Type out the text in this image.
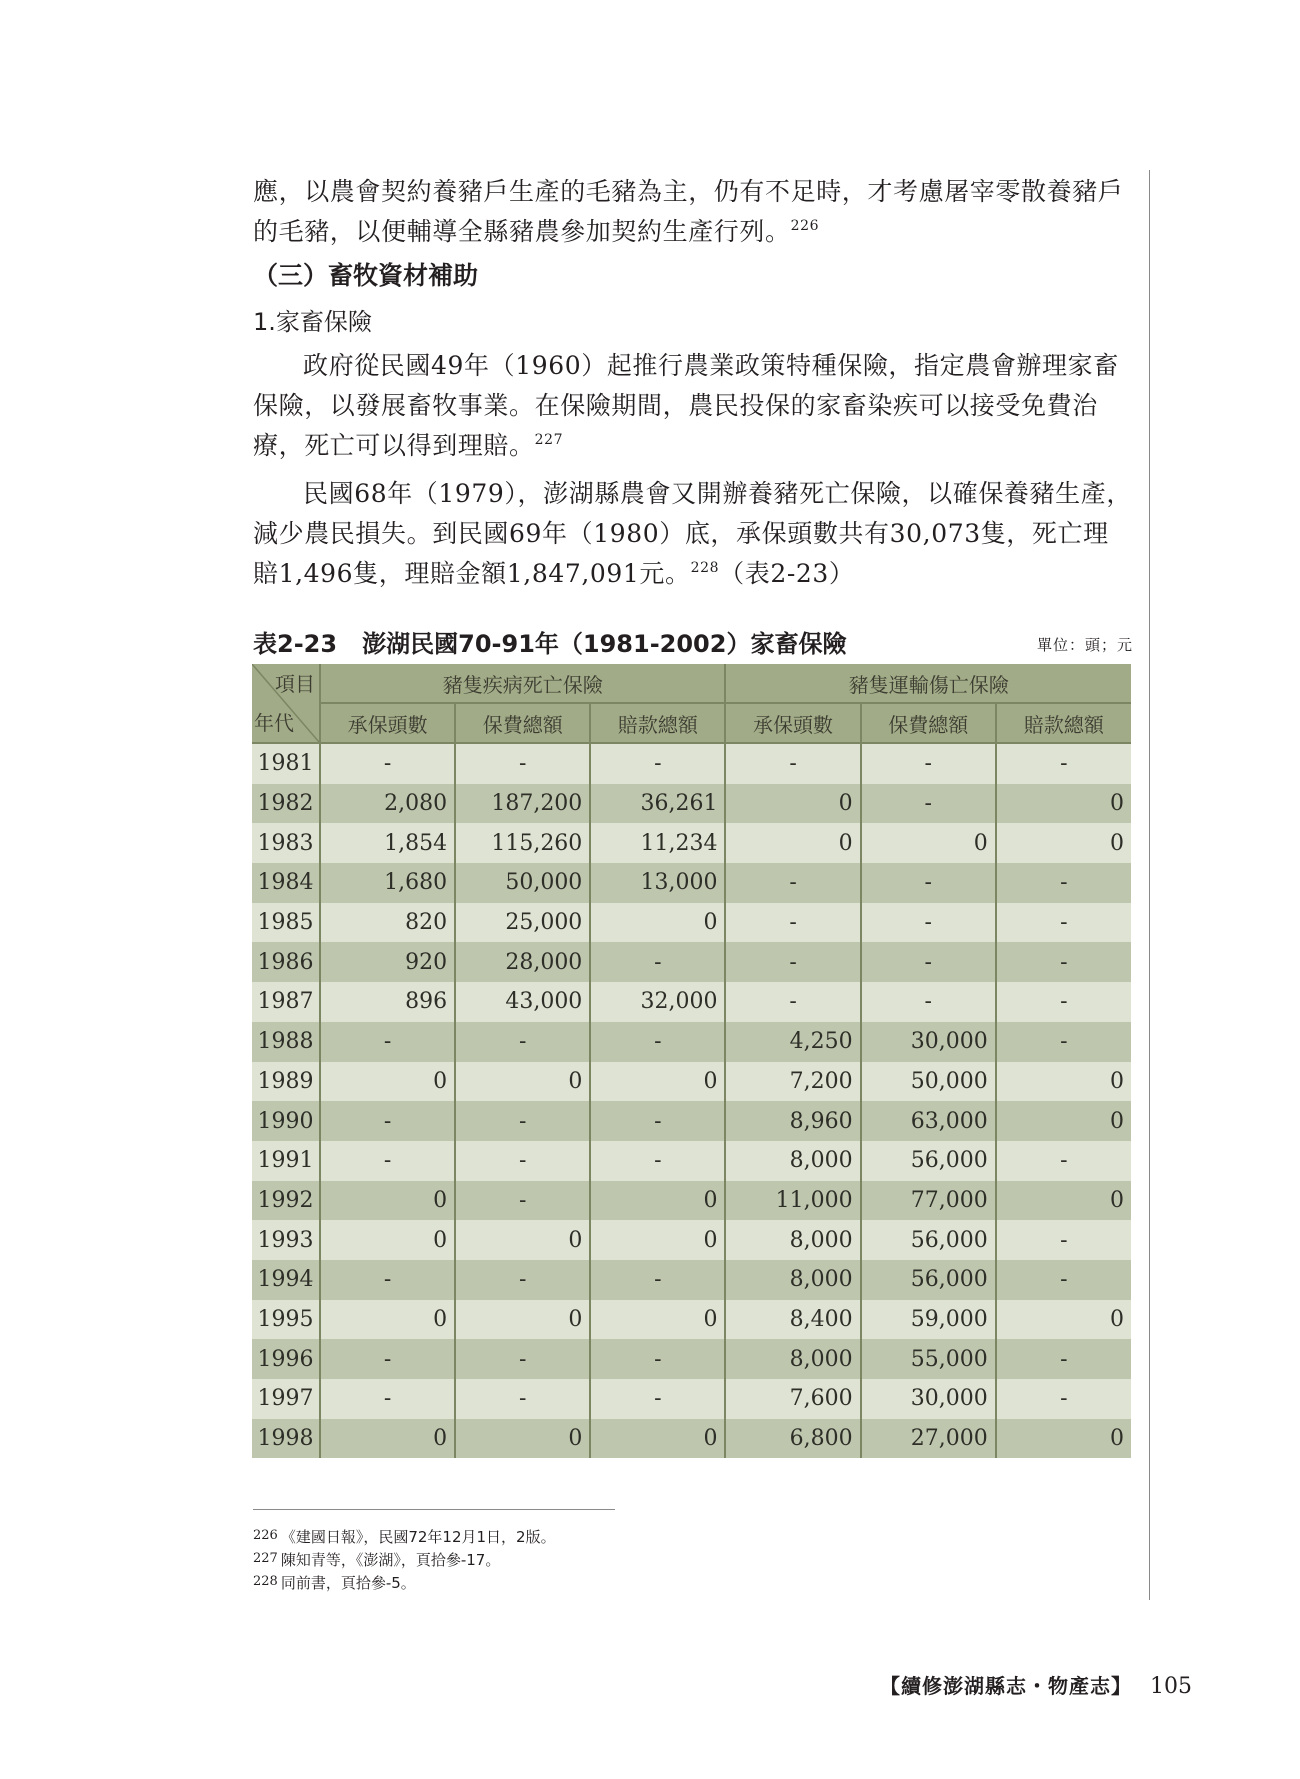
應，以農會契約養豬戶生產的毛豬為主，仍有不足時，才考慮屠宰零散養豬戶的毛豬，以便輔導全縣豬農參加契約生產行列。$^{226}$
（三）畜牧資材補助
1.家畜保險
政府從民國49年（1960）起推行農業政策特種保險，指定農會辦理家畜保險，以發展畜牧事業。在保險期間，農民投保的家畜染疾可以接受免費治療，死亡可以得到理賠。$^{227}$
民國68年（1979），澎湖縣農會又開辦養豬死亡保險，以確保養豬生產，減少農民損失。到民國69年（1980）底，承保頭數共有30,073隻，死亡理賠1,496隻，理賠金額1,847,091元。$^{228}$（表2-23）
表2-23 澎湖民國70-91年（1981-2002）家畜保險	單位：頭；元
項目
年代	豬隻疾病死亡保險			豬隻運輸傷亡保險		
	承保頭數	保費總額	賠款總額	承保頭數	保費總額	賠款總額
1981	-	-	-	-	-	-
1982	2,080	187,200	36,261	0	-	0
1983	1,854	115,260	11,234	0	0	0
1984	1,680	50,000	13,000	-	-	-
1985	820	25,000	0	-	-	-
1986	920	28,000	-	-	-	-
1987	896	43,000	32,000	-	-	-
1988	-	-	-	4,250	30,000	-
1989	0	0	0	7,200	50,000	0
1990	-	-	-	8,960	63,000	0
1991	-	-	-	8,000	56,000	-
1992	0	-	0	11,000	77,000	0
1993	0	0	0	8,000	56,000	-
1994	-	-	-	8,000	56,000	-
1995	0	0	0	8,400	59,000	0
1996	-	-	-	8,000	55,000	-
1997	-	-	-	7,600	30,000	-
1998	0	0	0	6,800	27,000	0
226 《建國日報》，民國72年12月1日，2版。
227 陳知青等，《澎湖》，頁拾參-17。
228 同前書，頁拾參-5。
【續修澎湖縣志・物產志】 105
